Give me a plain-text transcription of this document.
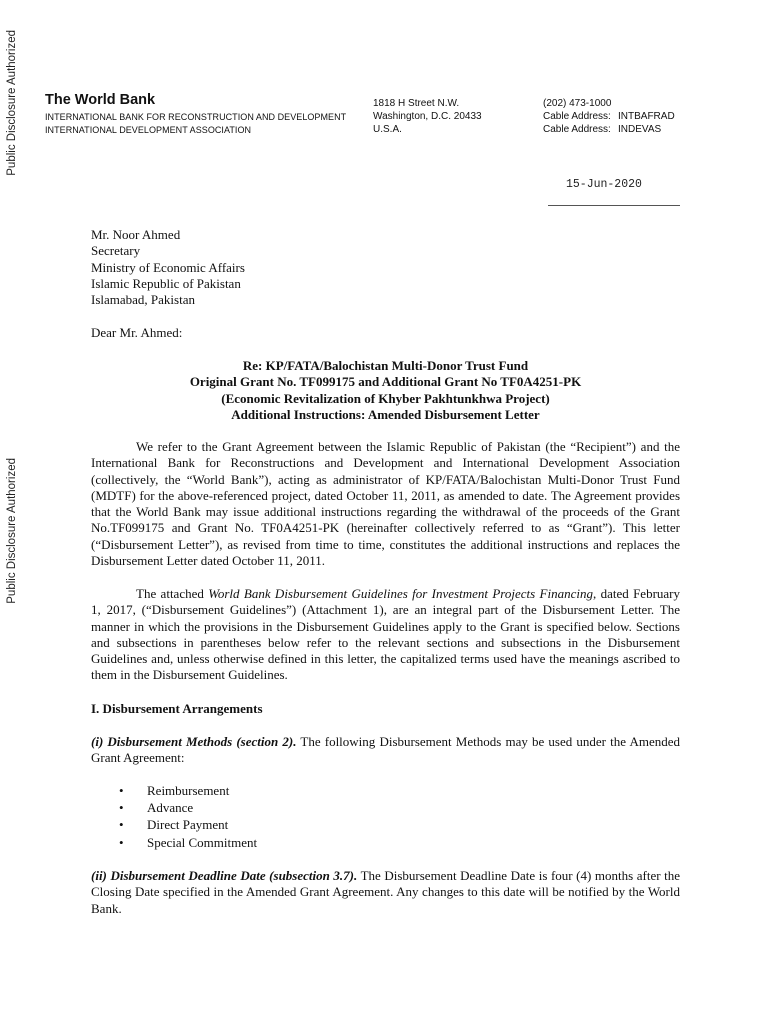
Public Disclosure Authorized
Public Disclosure Authorized
The World Bank
INTERNATIONAL BANK FOR RECONSTRUCTION AND DEVELOPMENT
INTERNATIONAL DEVELOPMENT ASSOCIATION
1818 H Street N.W.
Washington, D.C. 20433
U.S.A.
(202) 473-1000
Cable Address: INTBAFRAD
Cable Address: INDEVAS
15-Jun-2020
Mr. Noor Ahmed
Secretary
Ministry of Economic Affairs
Islamic Republic of Pakistan
Islamabad, Pakistan
Dear Mr. Ahmed:
Re: KP/FATA/Balochistan Multi-Donor Trust Fund
Original Grant No. TF099175 and Additional Grant No TF0A4251-PK
(Economic Revitalization of Khyber Pakhtunkhwa Project)
Additional Instructions: Amended Disbursement Letter
We refer to the Grant Agreement between the Islamic Republic of Pakistan (the “Recipient”) and the International Bank for Reconstructions and Development and International Development Association (collectively, the “World Bank”), acting as administrator of KP/FATA/Balochistan Multi-Donor Trust Fund (MDTF) for the above-referenced project, dated October 11, 2011, as amended to date. The Agreement provides that the World Bank may issue additional instructions regarding the withdrawal of the proceeds of the Grant No.TF099175 and Grant No. TF0A4251-PK (hereinafter collectively referred to as “Grant”). This letter (“Disbursement Letter”), as revised from time to time, constitutes the additional instructions and replaces the Disbursement Letter dated October 11, 2011.
The attached World Bank Disbursement Guidelines for Investment Projects Financing, dated February 1, 2017, (“Disbursement Guidelines”) (Attachment 1), are an integral part of the Disbursement Letter. The manner in which the provisions in the Disbursement Guidelines apply to the Grant is specified below. Sections and subsections in parentheses below refer to the relevant sections and subsections in the Disbursement Guidelines and, unless otherwise defined in this letter, the capitalized terms used have the meanings ascribed to them in the Disbursement Guidelines.
I. Disbursement Arrangements
(i) Disbursement Methods (section 2). The following Disbursement Methods may be used under the Amended Grant Agreement:
•	Reimbursement
•	Advance
•	Direct Payment
•	Special Commitment
(ii) Disbursement Deadline Date (subsection 3.7). The Disbursement Deadline Date is four (4) months after the Closing Date specified in the Amended Grant Agreement. Any changes to this date will be notified by the World Bank.
